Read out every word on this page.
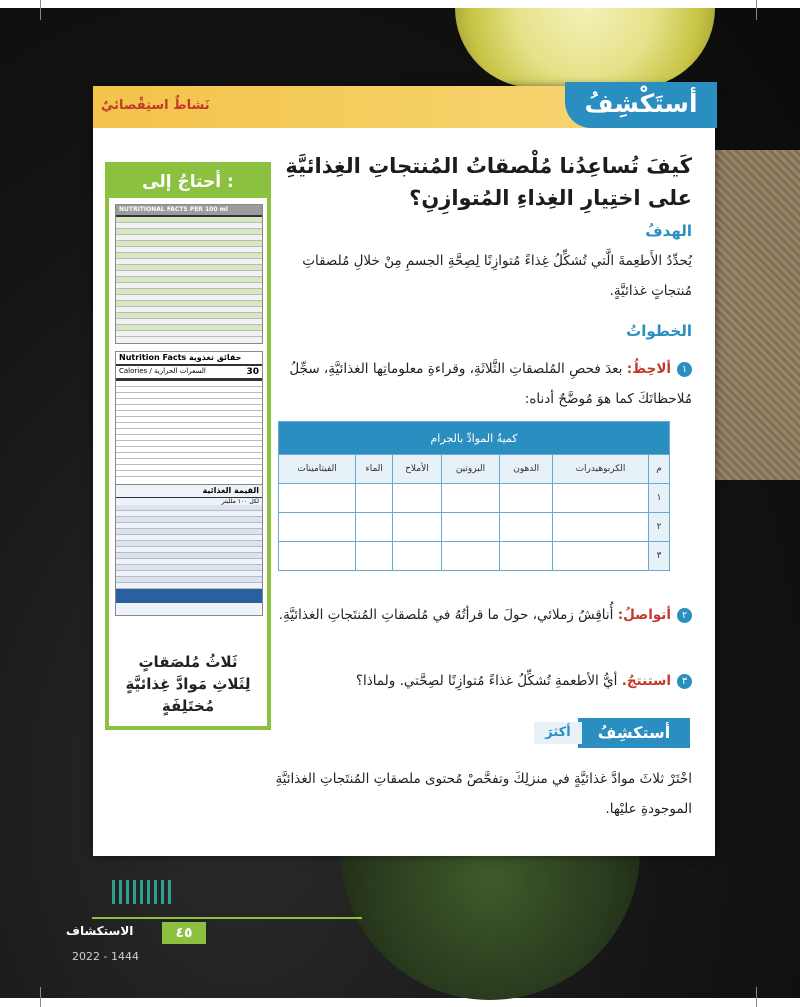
أستَكْشِفُ
نَشاطٌ استِقْصائيٌ
أحتاجُ إلى :
NUTRITIONAL FACTS PER 100 ml
Nutrition Facts حقائق تغذوية
Calories / السعرات الحرارية	30
القيمة الغذائية
لكل ١٠٠ ملليتر
ثَلاثُ مُلصَقاتٍ لِثَلاثِ مَوادَّ غِذائيَّةٍ مُختَلِفَةٍ
كَيفَ تُساعِدُنا مُلْصقاتُ المُنتجاتِ الغِذائيَّةِ على اختِيارِ الغِذاءِ المُتوازِنِ؟
الهدفُ
يُحدِّدُ الأَطعِمةَ الَّتي تُشكِّلُ غِذاءً مُتوازِنًا لِصِحَّةِ الجسمِ مِنْ خلالِ مُلصقاتِ مُنتجاتٍ غذائيَّةٍ.
الخطواتُ
١ألاحِظُ: بعدَ فحصِ المُلصقاتِ الثَّلاثَةِ، وقراءةِ معلوماتِها الغذائيَّةِ، سجِّلُ مُلاحظاتَكَ كما هوَ مُوضَّحٌ أدناه:
كميةُ الموادِّ بالجرام						
م	الكربوهيدرات	الدهون	البروتين	الأملاح	الماء	الفيتامينات
١						
٢						
٣						
٢أتواصلُ: أُناقِشُ زملائي، حولَ ما قرأتُهُ في مُلصقاتِ المُنتَجاتِ الغذائيَّةِ.
٣استنتجُ. أيُّ الأطعمةِ تُشكِّلُ غذاءً مُتوازِنًا لصِحَّتي. ولماذا؟
أستكشِفُ
أكثرَ
اخْتَرْ ثلاثَ موادَّ غذائيَّةٍ في منزلِكَ وتفحَّصْ مُحتوى ملصقاتِ المُنتَجاتِ الغذائيَّةِ الموجودةِ عليْها.
الاستكشاف	٤٥
2022 - 1444
